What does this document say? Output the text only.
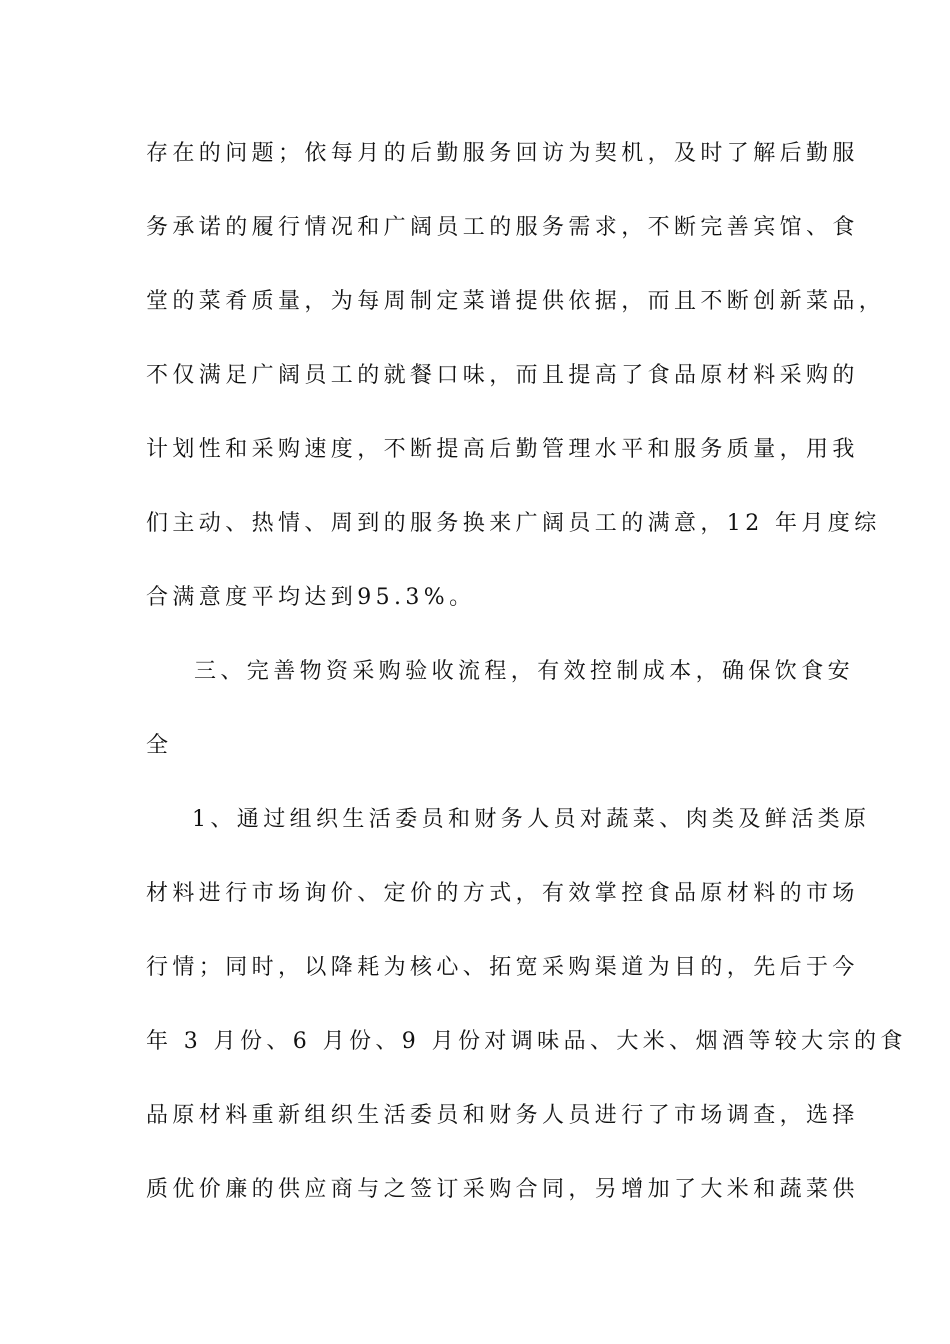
存在的问题；依每月的后勤服务回访为契机，及时了解后勤服
务承诺的履行情况和广阔员工的服务需求，不断完善宾馆、食
堂的菜肴质量，为每周制定菜谱提供依据，而且不断创新菜品，
不仅满足广阔员工的就餐口味，而且提高了食品原材料采购的
计划性和采购速度，不断提高后勤管理水平和服务质量，用我
们主动、热情、周到的服务换来广阔员工的满意，12 年月度综
合满意度平均达到95.3%。
三、完善物资采购验收流程，有效控制成本，确保饮食安
全
1、通过组织生活委员和财务人员对蔬菜、肉类及鲜活类原
材料进行市场询价、定价的方式，有效掌控食品原材料的市场
行情；同时，以降耗为核心、拓宽采购渠道为目的，先后于今
年 3 月份、6 月份、9 月份对调味品、大米、烟酒等较大宗的食
品原材料重新组织生活委员和财务人员进行了市场调查，选择
质优价廉的供应商与之签订采购合同，另增加了大米和蔬菜供
